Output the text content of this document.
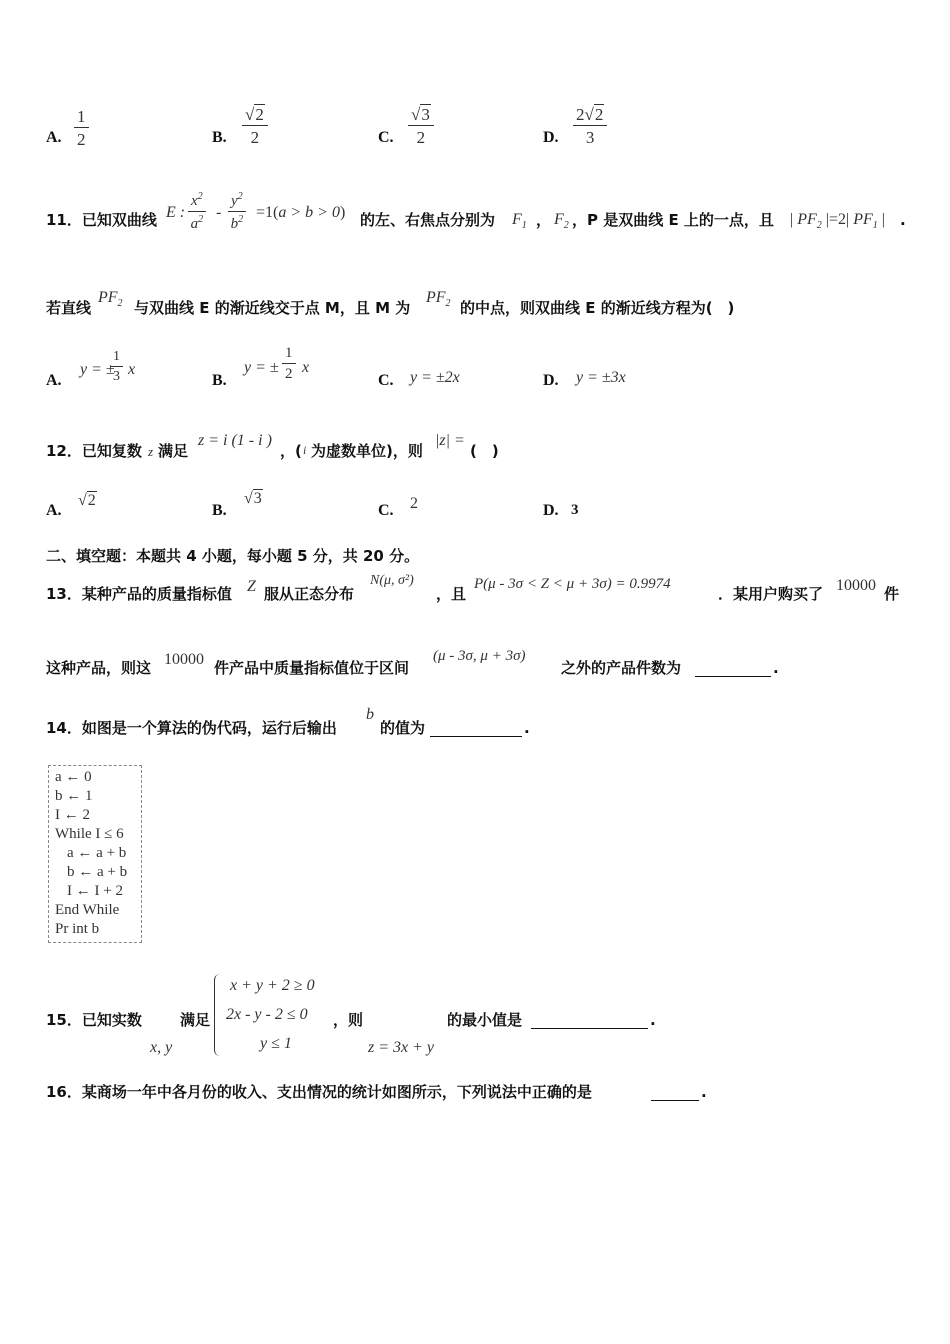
A. $\frac{1}{2}$	B. $\frac{√2}{2}$	C. $\frac{√3}{2}$	D. $\frac{2√2}{3}$
11．已知双曲线 E : $\frac{x^2}{a^2} - \frac{y^2}{b^2} =1(a > b > 0)$ 的左、右焦点分别为 $F_1$ ， $F_2$ ，P 是双曲线 E 上的一点，且 | $PF_2$ |=2| $PF_1$ | .
若直线
$PF_2$ 与双曲线 E 的渐近线交于点 M，且 M 为
$PF_2$ 的中点，则双曲线 E 的渐近线方程为(　)
A.
y = ±
$\frac{1}{3}$ x
B.
y = ± $\frac{1}{2}$ x
C. y = ±2x	D. y = ±3x
12．已知复数 z 满足
z = i (1 - i )
，( i 为虚数单位)，则
|z| =
(　)
A.
√2
B.
√3
C. 2	D. 3
二、填空题：本题共 4 小题，每小题 5 分，共 20 分。
13．某种产品的质量指标值 Z 服从正态分布
N(μ, σ²)
，且
P(μ - 3σ < Z < μ + 3σ) = 0.9974
．某用户购买了 10000 件
这种产品，则这 10000 件产品中质量指标值位于区间
(μ - 3σ, μ + 3σ)
之外的产品件数为	.
14．如图是一个算法的伪代码，运行后输出
b
的值为	.
a ← 0
b ← 1
I ← 2
While I ≤ 6
a ← a + b
b ← a + b
I ← I + 2
End While
Pr int b
15．已知实数
x, y
满足
x + y + 2 ≥ 0
2x - y - 2 ≤ 0
y ≤ 1
，则
z = 3x + y
的最小值是	.
16．某商场一年中各月份的收入、支出情况的统计如图所示，下列说法中正确的是	.
